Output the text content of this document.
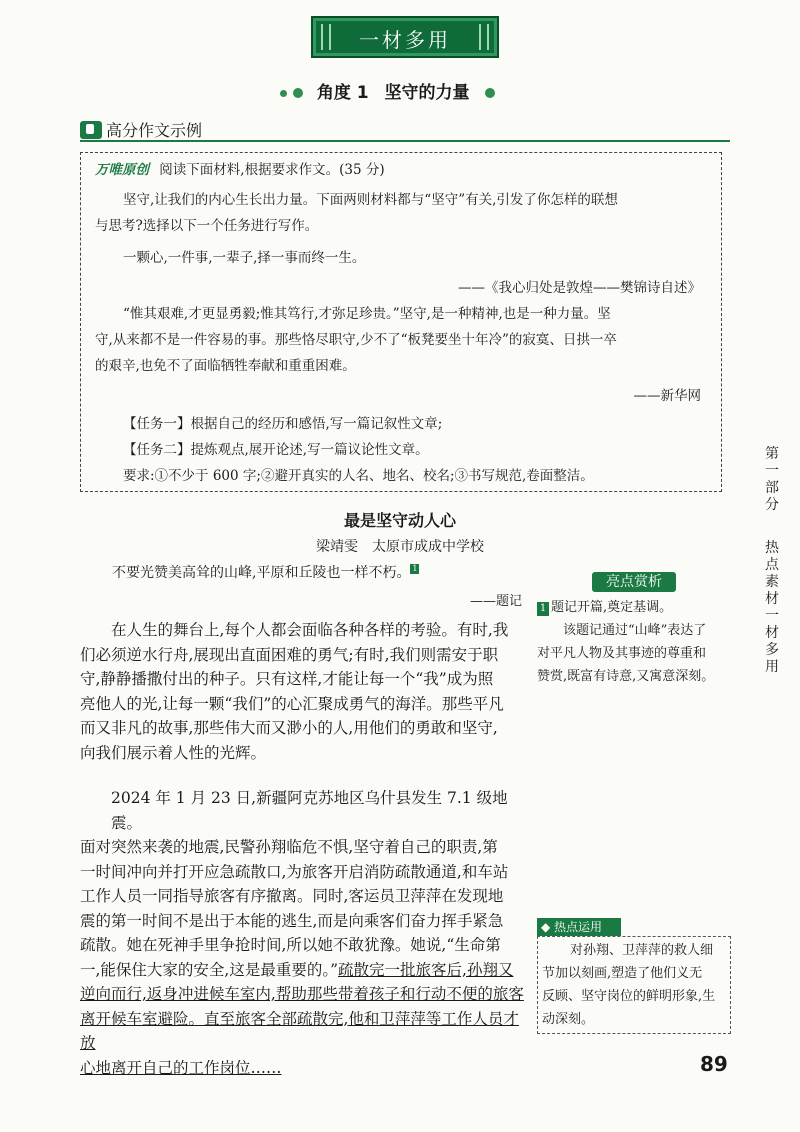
一材多用
角度 1 坚守的力量
高分作文示例
万唯原创 阅读下面材料,根据要求作文。(35 分)
坚守,让我们的内心生长出力量。下面两则材料都与“坚守”有关,引发了你怎样的联想
与思考?选择以下一个任务进行写作。
一颗心,一件事,一辈子,择一事而终一生。
——《我心归处是敦煌——樊锦诗自述》
“惟其艰难,才更显勇毅;惟其笃行,才弥足珍贵。”坚守,是一种精神,也是一种力量。坚
守,从来都不是一件容易的事。那些恪尽职守,少不了“板凳要坐十年冷”的寂寞、日拱一卒
的艰辛,也免不了面临牺牲奉献和重重困难。
——新华网
【任务一】根据自己的经历和感悟,写一篇记叙性文章;
【任务二】提炼观点,展开论述,写一篇议论性文章。
要求:①不少于 600 字;②避开真实的人名、地名、校名;③书写规范,卷面整洁。
最是坚守动人心
梁靖雯　太原市成成中学校
不要光赞美高耸的山峰,平原和丘陵也一样不朽。 $^1$
——题记
在人生的舞台上,每个人都会面临各种各样的考验。有时,我
们必须逆水行舟,展现出直面困难的勇气;有时,我们则需安于职
守,静静播撒付出的种子。只有这样,才能让每一个“我”成为照
亮他人的光,让每一颗“我们”的心汇聚成勇气的海洋。那些平凡
而又非凡的故事,那些伟大而又渺小的人,用他们的勇敢和坚守,
向我们展示着人性的光辉。
2024 年 1 月 23 日,新疆阿克苏地区乌什县发生 7.1 级地震。
面对突然来袭的地震,民警孙翔临危不惧,坚守着自己的职责,第
一时间冲向并打开应急疏散口,为旅客开启消防疏散通道,和车站
工作人员一同指导旅客有序撤离。同时,客运员卫萍萍在发现地
震的第一时间不是出于本能的逃生,而是向乘客们奋力挥手紧急
疏散。她在死神手里争抢时间,所以她不敢犹豫。她说,“生命第
一,能保住大家的安全,这是最重要的。”疏散完一批旅客后,孙翔又
逆向而行,返身冲进候车室内,帮助那些带着孩子和行动不便的旅客
离开候车室避险。直至旅客全部疏散完,他和卫萍萍等工作人员才放
心地离开自己的工作岗位……
亮点赏析
1 题记开篇,奠定基调。
该题记通过“山峰”表达了
对平凡人物及其事迹的尊重和
赞赏,既富有诗意,又寓意深刻。
◆ 热点运用
对孙翔、卫萍萍的救人细
节加以刻画,塑造了他们义无
反顾、坚守岗位的鲜明形象,生
动深刻。
第一部分
热点素材一材多用
89
